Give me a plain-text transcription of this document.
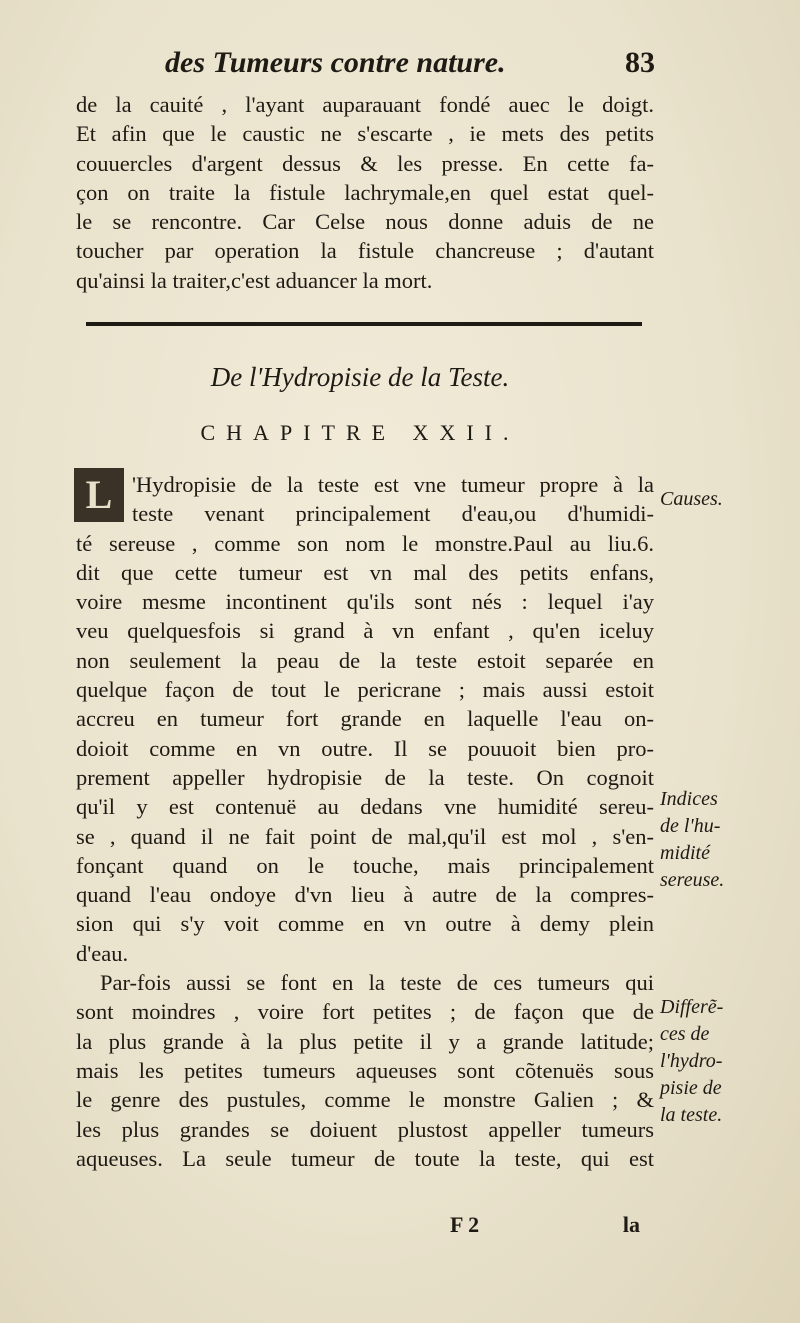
des Tumeurs contre nature.	83
de la cauité , l'ayant auparauant fondé auec le doigt.
Et afin que le caustic ne s'escarte , ie mets des petits
couuercles d'argent dessus & les presse. En cette fa-
çon on traite la fistule lachrymale,en quel estat quel-
le se rencontre. Car Celse nous donne aduis de ne
toucher par operation la fistule chancreuse ; d'autant
qu'ainsi la traiter,c'est aduancer la mort.
De l'Hydropisie de la Teste.
CHAPITRE XXII.
L 'Hydropisie de la teste est vne tumeur propre à la
teste venant principalement d'eau,ou d'humidi-
té sereuse , comme son nom le monstre.Paul au liu.6.
dit que cette tumeur est vn mal des petits enfans,
voire mesme incontinent qu'ils sont nés : lequel i'ay
veu quelquesfois si grand à vn enfant , qu'en iceluy
non seulement la peau de la teste estoit separée en
quelque façon de tout le pericrane ; mais aussi estoit
accreu en tumeur fort grande en laquelle l'eau on-
doioit comme en vn outre. Il se pouuoit bien pro-
prement appeller hydropisie de la teste. On cognoit
qu'il y est contenuë au dedans vne humidité sereu-
se , quand il ne fait point de mal,qu'il est mol , s'en-
fonçant quand on le touche, mais principalement
quand l'eau ondoye d'vn lieu à autre de la compres-
sion qui s'y voit comme en vn outre à demy plein
d'eau.
Par-fois aussi se font en la teste de ces tumeurs qui
sont moindres , voire fort petites ; de façon que de
la plus grande à la plus petite il y a grande latitude;
mais les petites tumeurs aqueuses sont cõtenuës sous
le genre des pustules, comme le monstre Galien ; &
les plus grandes se doiuent plustost appeller tumeurs
aqueuses. La seule tumeur de toute la teste, qui est
Causes.
Indices
de l'hu-
midité
sereuse.
Differẽ-
ces de
l'hydro-
pisie de
la teste.
F 2	la
